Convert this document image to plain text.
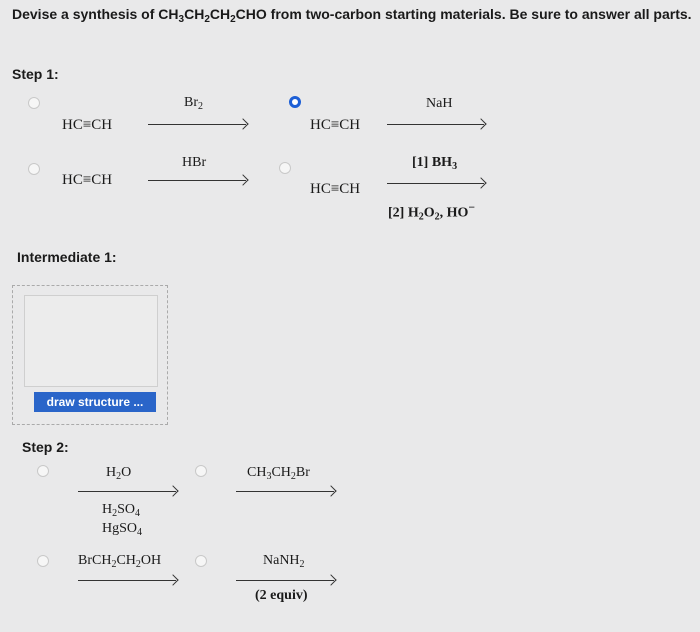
Devise a synthesis of $CH_3CH_2CH_2CHO$ from two-carbon starting materials. Be sure to answer all parts.
Step 1:
HC≡CH
$Br_2$
HC≡CH
NaH
HC≡CH
HBr
HC≡CH
[1] $BH_3$
[2] $H_2O_2$, HO−
Intermediate 1:
draw structure ...
Step 2:
$H_2O$
$H_2SO_4$
HgSO$_4$
$CH_3CH_2Br$
$BrCH_2CH_2OH$	NaNH$_2$
(2 equiv)
